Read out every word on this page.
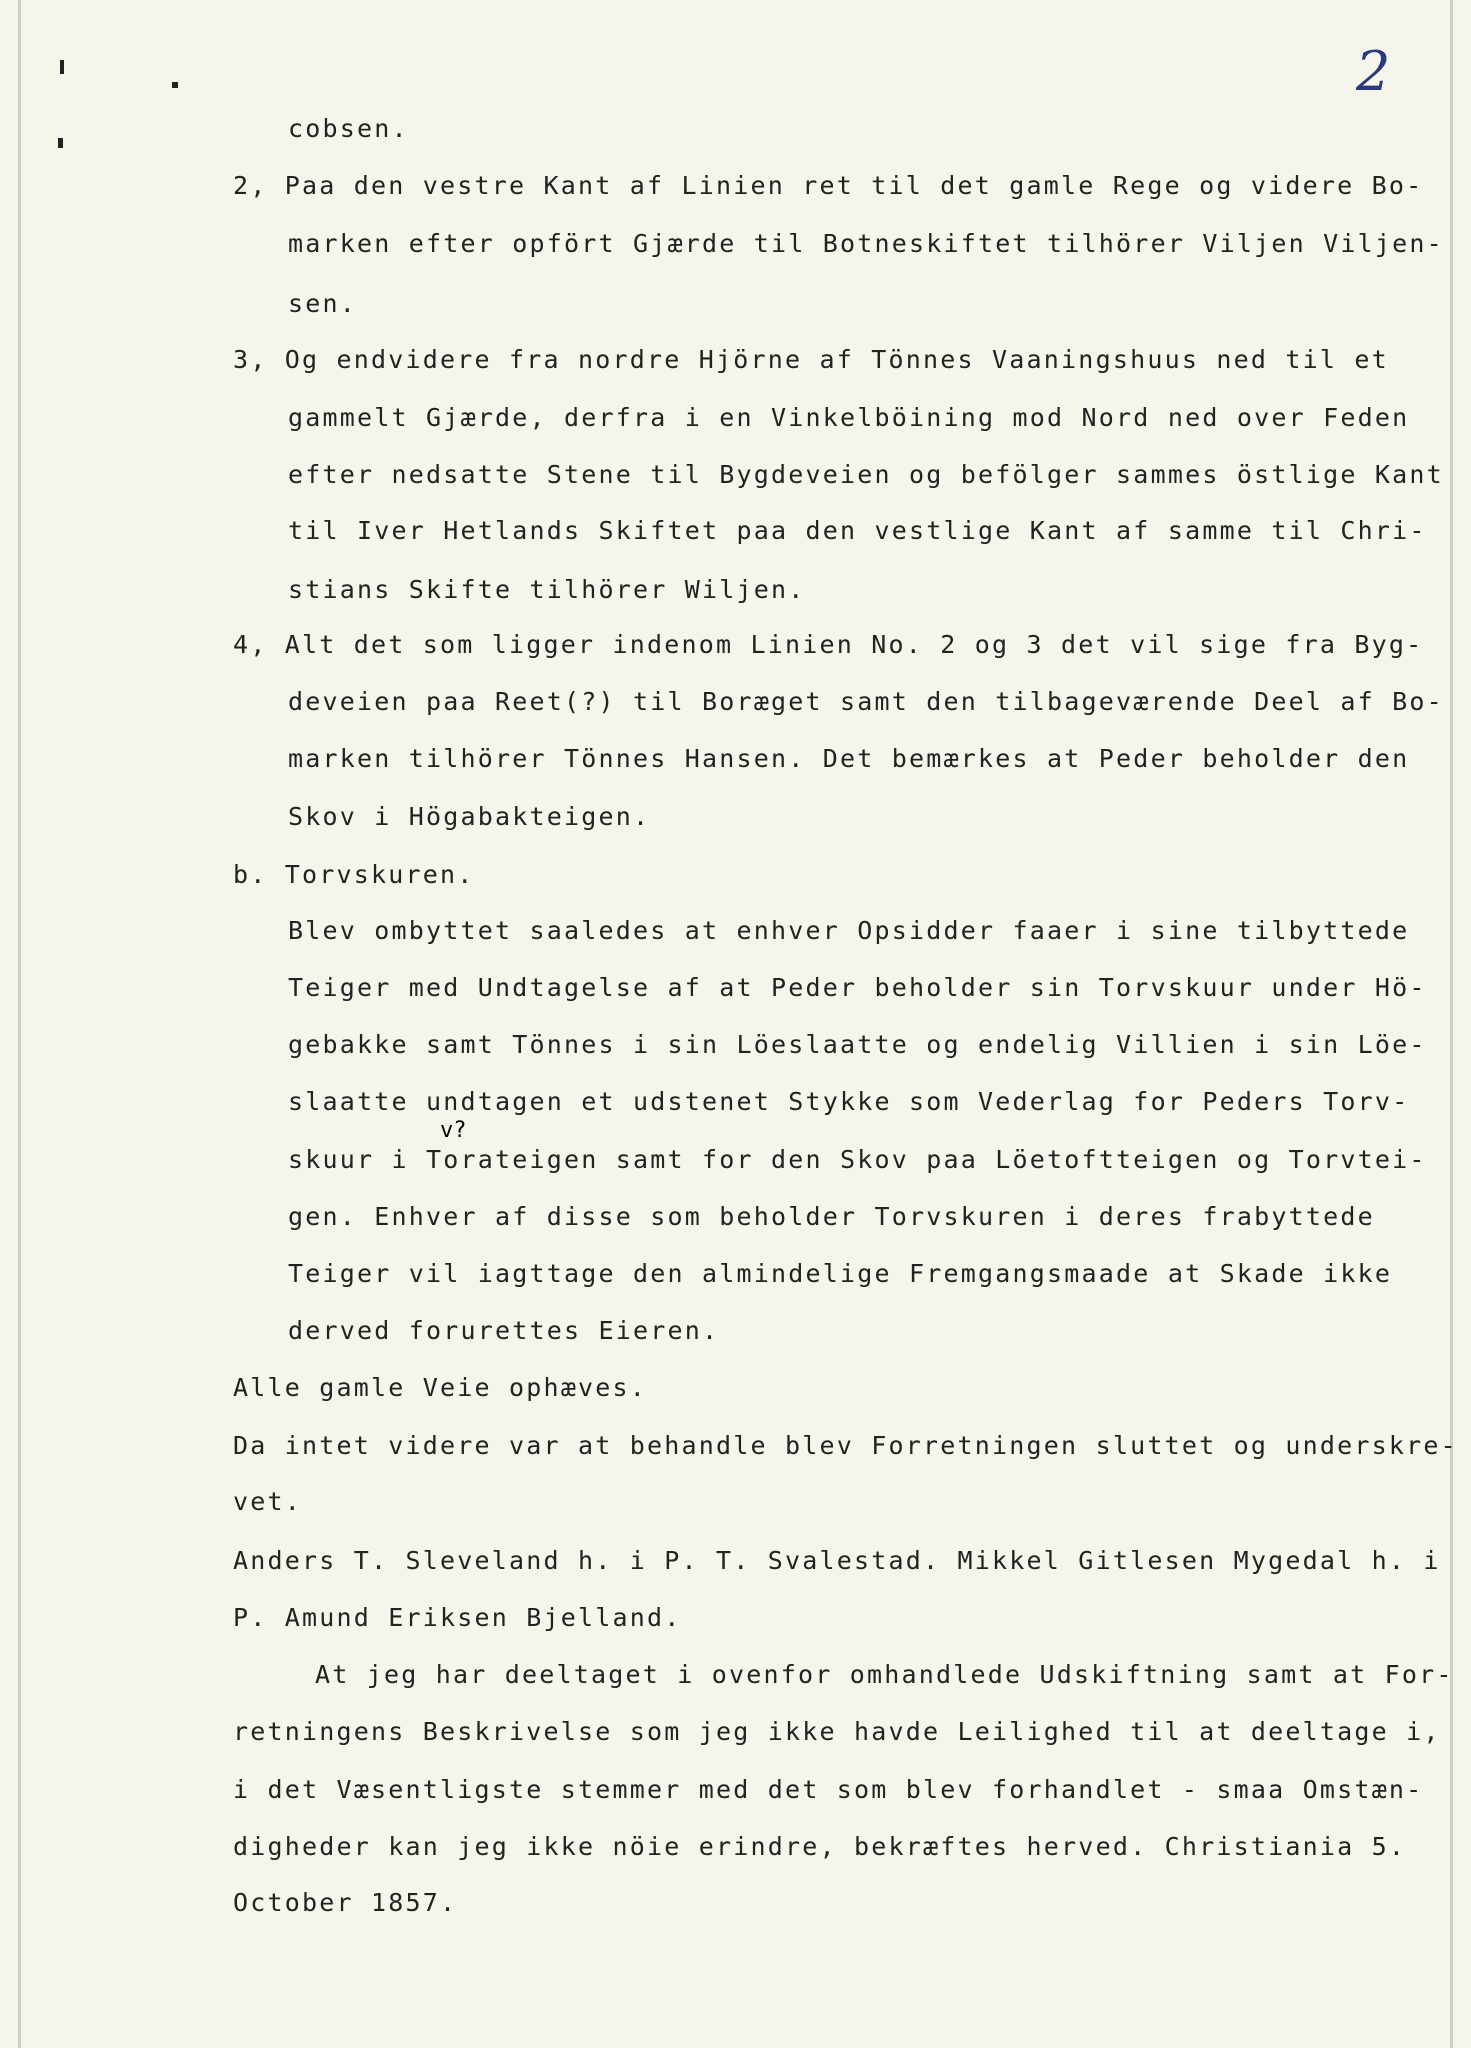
2
cobsen.
2, Paa den vestre Kant af Linien ret til det gamle Rege og videre Bo-
marken efter opfört Gjærde til Botneskiftet tilhörer Viljen Viljen-
sen.
3, Og endvidere fra nordre Hjörne af Tönnes Vaaningshuus ned til et
gammelt Gjærde, derfra i en Vinkelböining mod Nord ned over Feden
efter nedsatte Stene til Bygdeveien og befölger sammes östlige Kant
til Iver Hetlands Skiftet paa den vestlige Kant af samme til Chri-
stians Skifte tilhörer Wiljen.
4, Alt det som ligger indenom Linien No. 2 og 3 det vil sige fra Byg-
deveien paa Reet(?) til Boræget samt den tilbageværende Deel af Bo-
marken tilhörer Tönnes Hansen. Det bemærkes at Peder beholder den
Skov i Högabakteigen.
b. Torvskuren.
Blev ombyttet saaledes at enhver Opsidder faaer i sine tilbyttede
Teiger med Undtagelse af at Peder beholder sin Torvskuur under Hö-
gebakke samt Tönnes i sin Löeslaatte og endelig Villien i sin Löe-
slaatte undtagen et udstenet Stykke som Vederlag for Peders Torv-
v?
skuur i Torateigen samt for den Skov paa Löetoftteigen og Torvtei-
gen. Enhver af disse som beholder Torvskuren i deres frabyttede
Teiger vil iagttage den almindelige Fremgangsmaade at Skade ikke
derved forurettes Eieren.
Alle gamle Veie ophæves.
Da intet videre var at behandle blev Forretningen sluttet og underskre-
vet.
Anders T. Sleveland h. i P. T. Svalestad. Mikkel Gitlesen Mygedal h. i
P. Amund Eriksen Bjelland.
At jeg har deeltaget i ovenfor omhandlede Udskiftning samt at For-
retningens Beskrivelse som jeg ikke havde Leilighed til at deeltage i,
i det Væsentligste stemmer med det som blev forhandlet - smaa Omstæn-
digheder kan jeg ikke nöie erindre, bekræftes herved. Christiania 5.
October 1857.
